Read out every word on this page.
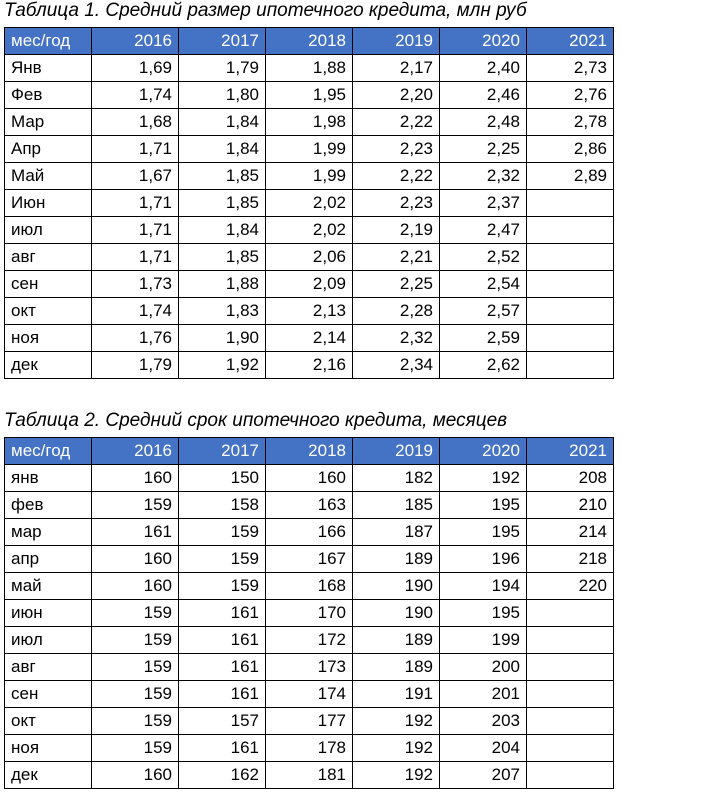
Таблица 1. Средний размер ипотечного кредита, млн руб
мес/год	2016	2017	2018	2019	2020	2021
Янв	1,69	1,79	1,88	2,17	2,40	2,73
Фев	1,74	1,80	1,95	2,20	2,46	2,76
Мар	1,68	1,84	1,98	2,22	2,48	2,78
Апр	1,71	1,84	1,99	2,23	2,25	2,86
Май	1,67	1,85	1,99	2,22	2,32	2,89
Июн	1,71	1,85	2,02	2,23	2,37	
июл	1,71	1,84	2,02	2,19	2,47	
авг	1,71	1,85	2,06	2,21	2,52	
сен	1,73	1,88	2,09	2,25	2,54	
окт	1,74	1,83	2,13	2,28	2,57	
ноя	1,76	1,90	2,14	2,32	2,59	
дек	1,79	1,92	2,16	2,34	2,62	
Таблица 2. Средний срок ипотечного кредита, месяцев
мес/год	2016	2017	2018	2019	2020	2021
янв	160	150	160	182	192	208
фев	159	158	163	185	195	210
мар	161	159	166	187	195	214
апр	160	159	167	189	196	218
май	160	159	168	190	194	220
июн	159	161	170	190	195	
июл	159	161	172	189	199	
авг	159	161	173	189	200	
сен	159	161	174	191	201	
окт	159	157	177	192	203	
ноя	159	161	178	192	204	
дек	160	162	181	192	207	
